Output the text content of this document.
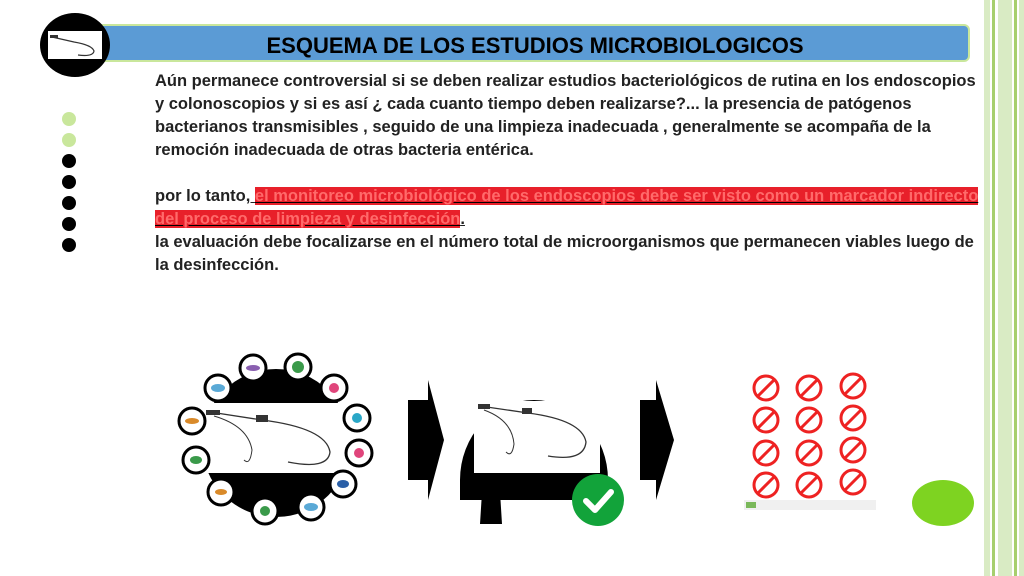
ESQUEMA DE LOS ESTUDIOS MICROBIOLOGICOS

Aún permanece controversial si se deben realizar estudios bacteriológicos de rutina en los endoscopios y colonoscopios y si es así ¿ cada cuanto tiempo deben realizarse?... la presencia de patógenos bacterianos transmisibles , seguido de una limpieza inadecuada , generalmente se acompaña de la remoción inadecuada de otras bacteria entérica.

por lo tanto, el monitoreo microbiológico de los endoscopios debe ser visto como un marcador indirecto del proceso de limpieza y desinfección.

la evaluación debe focalizarse en el número total de microorganismos que permanecen viables luego de la desinfección.
